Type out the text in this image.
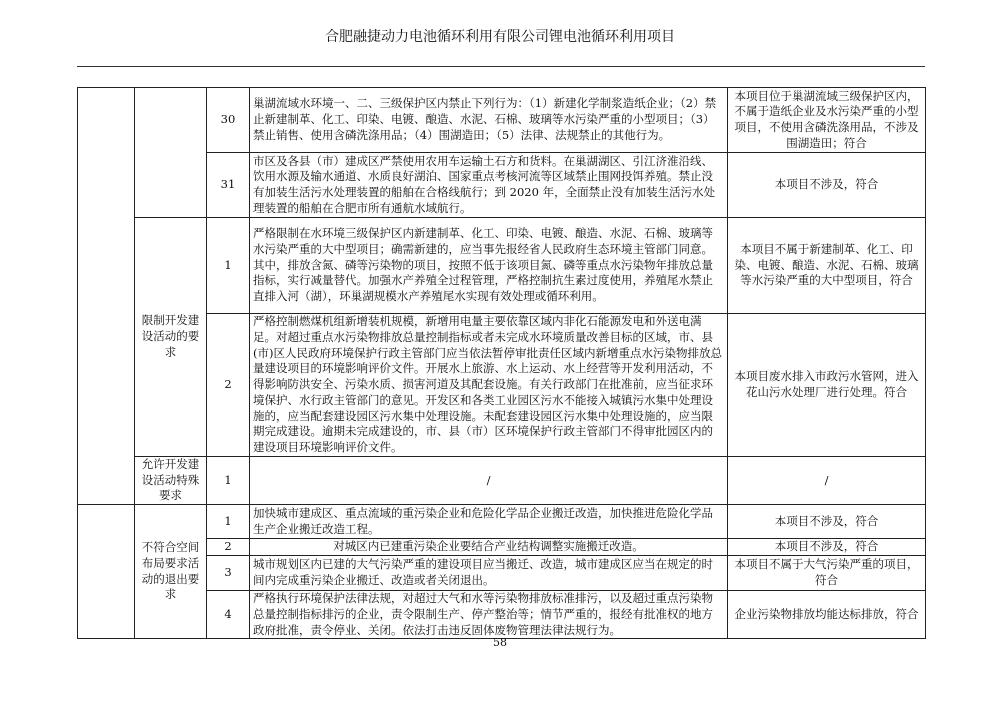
合肥融捷动力电池循环利用有限公司锂电池循环利用项目
		30	巢湖流域水环境一、二、三级保护区内禁止下列行为：（1）新建化学制浆造纸企业；（2）禁止新建制革、化工、印染、电镀、酿造、水泥、石棉、玻璃等水污染严重的小型项目；（3）禁止销售、使用含磷洗涤用品；（4）围湖造田；（5）法律、法规禁止的其他行为。	本项目位于巢湖流域三级保护区内，不属于造纸企业及水污染严重的小型项目，不使用含磷洗涤用品，不涉及围湖造田；符合
		31	市区及各县（市）建成区严禁使用农用车运输土石方和货料。在巢湖湖区、引江济淮沿线、饮用水源及输水通道、水质良好湖泊、国家重点考核河流等区域禁止围网投饵养殖。禁止没有加装生活污水处理装置的船舶在合格线航行；到 2020 年，全面禁止没有加装生活污水处理装置的船舶在合肥市所有通航水域航行。	本项目不涉及，符合
	限制开发建设活动的要求	1	严格限制在水环境三级保护区内新建制革、化工、印染、电镀、酿造、水泥、石棉、玻璃等水污染严重的大中型项目；确需新建的，应当事先报经省人民政府生态环境主管部门同意。其中，排放含氮、磷等污染物的项目，按照不低于该项目氮、磷等重点水污染物年排放总量指标，实行减量替代。加强水产养殖全过程管理，严格控制抗生素过度使用，养殖尾水禁止直排入河（湖），环巢湖规模水产养殖尾水实现有效处理或循环利用。	本项目不属于新建制革、化工、印染、电镀、酿造、水泥、石棉、玻璃等水污染严重的大中型项目，符合
		2	严格控制燃煤机组新增装机规模，新增用电量主要依靠区域内非化石能源发电和外送电满足。对超过重点水污染物排放总量控制指标或者未完成水环境质量改善目标的区域，市、县(市)区人民政府环境保护行政主管部门应当依法暂停审批责任区域内新增重点水污染物排放总量建设项目的环境影响评价文件。开展水上旅游、水上运动、水上经营等开发利用活动，不得影响防洪安全、污染水质、损害河道及其配套设施。有关行政部门在批准前，应当征求环境保护、水行政主管部门的意见。开发区和各类工业园区污水不能接入城镇污水集中处理设施的，应当配套建设园区污水集中处理设施。未配套建设园区污水集中处理设施的，应当限期完成建设。逾期未完成建设的，市、县（市）区环境保护行政主管部门不得审批园区内的建设项目环境影响评价文件。	本项目废水排入市政污水管网，进入花山污水处理厂进行处理。符合
	允许开发建设活动特殊要求	1	/	/
	不符合空间布局要求活动的退出要求	1	加快城市建成区、重点流域的重污染企业和危险化学品企业搬迁改造，加快推进危险化学品生产企业搬迁改造工程。	本项目不涉及，符合
		2	对城区内已建重污染企业要结合产业结构调整实施搬迁改造。	本项目不涉及，符合
		3	城市规划区内已建的大气污染严重的建设项目应当搬迁、改造，城市建成区应当在规定的时间内完成重污染企业搬迁、改造或者关闭退出。	本项目不属于大气污染严重的项目，符合
		4	严格执行环境保护法律法规，对超过大气和水等污染物排放标准排污，以及超过重点污染物总量控制指标排污的企业，责令限制生产、停产整治等；情节严重的，报经有批准权的地方政府批准，责令停业、关闭。依法打击违反固体废物管理法律法规行为。	企业污染物排放均能达标排放，符合
58
